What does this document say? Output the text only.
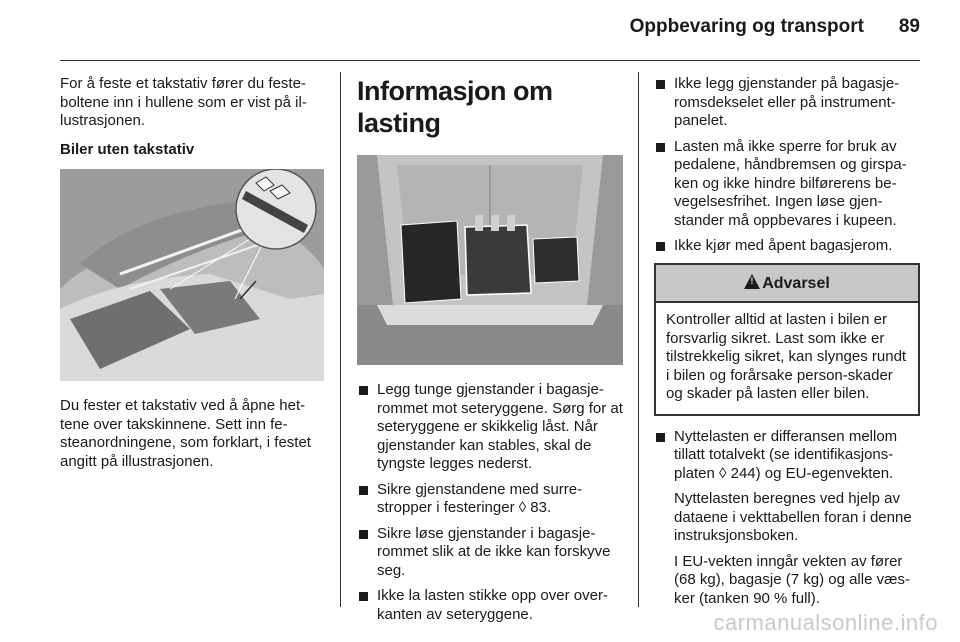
Oppbevaring og transport 89

For å feste et takstativ fører du feste-boltene inn i hullene som er vist på il-lustrasjonen.

Biler uten takstativ

Du fester et takstativ ved å åpne het-tene over takskinnene. Sett inn fe-steanordningene, som forklart, i festet angitt på illustrasjonen.

Informasjon om lasting
Legg tunge gjenstander i bagasje-rommet mot seteryggene. Sørg for at seteryggene er skikkelig låst. Når gjenstander kan stables, skal de tyngste legges nederst.
Sikre gjenstandene med surre-stropper i festeringer ◊ 83.
Sikre løse gjenstander i bagasje-rommet slik at de ikke kan forskyve seg.
Ikke la lasten stikke opp over over-kanten av seteryggene.
Ikke legg gjenstander på bagasje-romsdekselet eller på instrument-panelet.
Lasten må ikke sperre for bruk av pedalene, håndbremsen og girspa-ken og ikke hindre bilførerens be-vegelsesfrihet. Ingen løse gjen-stander må oppbevares i kupeen.
Ikke kjør med åpent bagasjerom.
!Advarsel
Kontroller alltid at lasten i bilen er forsvarlig sikret. Last som ikke er tilstrekkelig sikret, kan slynges rundt i bilen og forårsake person-skader og skader på lasten eller bilen.
Nyttelasten er differansen mellom tillatt totalvekt (se identifikasjons-platen ◊ 244) og EU-egenvekten.
Nyttelasten beregnes ved hjelp av dataene i vekttabellen foran i denne instruksjonsboken.
I EU-vekten inngår vekten av fører (68 kg), bagasje (7 kg) og alle væs-ker (tanken 90 % full).
carmanualsonline.info
